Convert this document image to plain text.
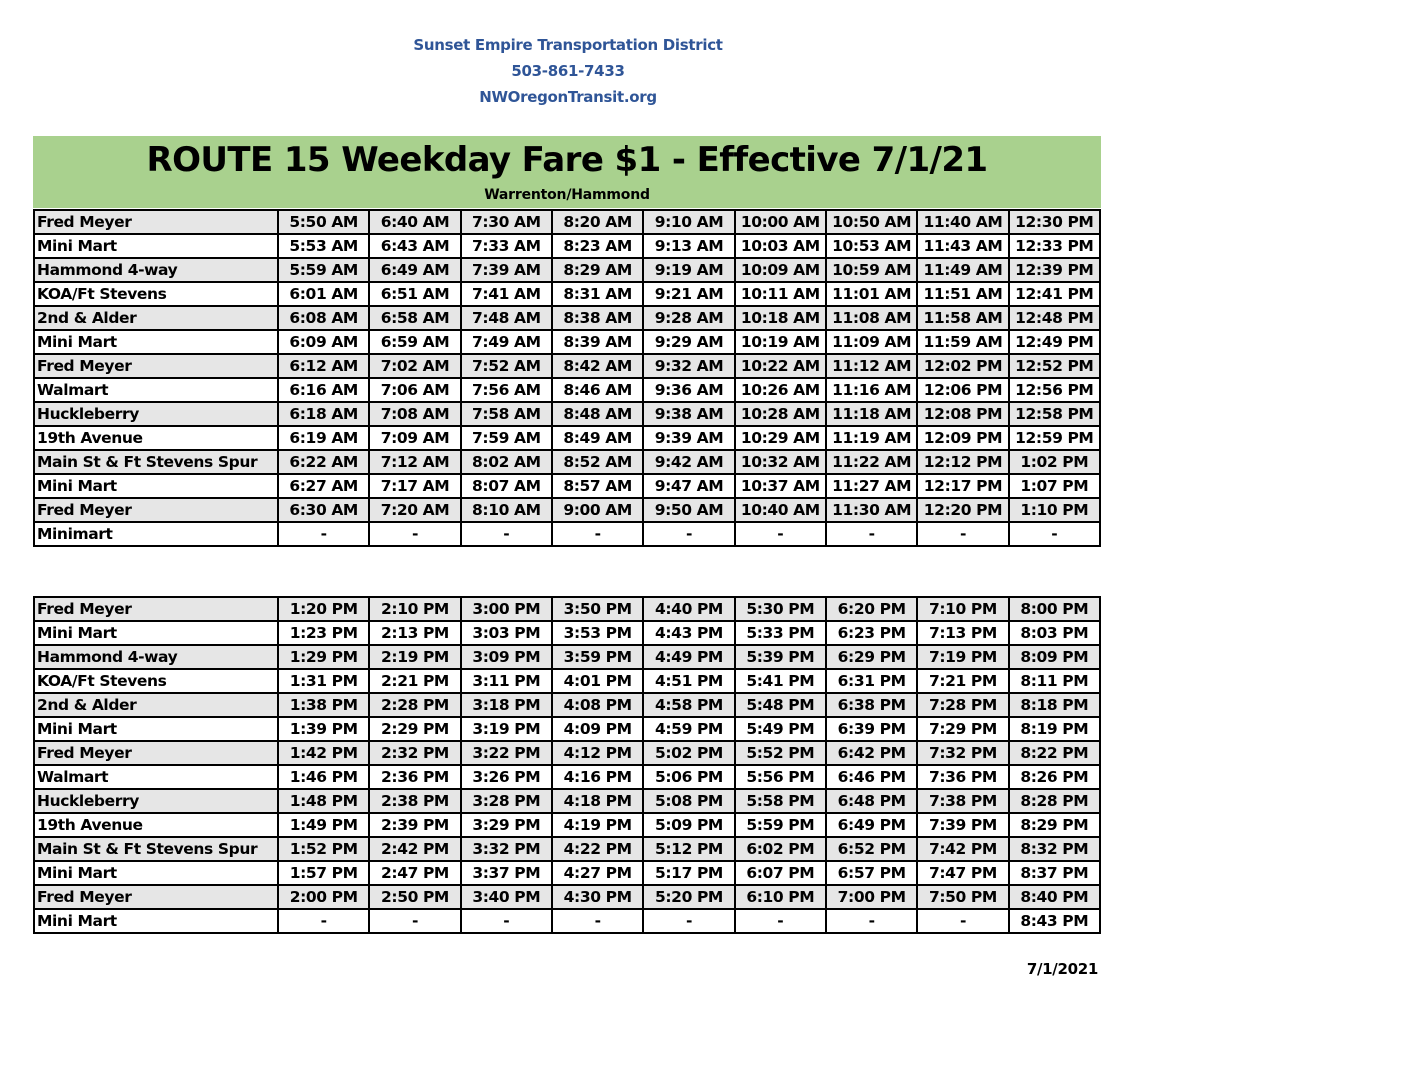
Sunset Empire Transportation District
503-861-7433
NWOregonTransit.org
ROUTE 15 Weekday Fare $1 - Effective 7/1/21
Warrenton/Hammond
Fred Meyer	5:50 AM	6:40 AM	7:30 AM	8:20 AM	9:10 AM	10:00 AM	10:50 AM	11:40 AM	12:30 PM
Mini Mart	5:53 AM	6:43 AM	7:33 AM	8:23 AM	9:13 AM	10:03 AM	10:53 AM	11:43 AM	12:33 PM
Hammond 4-way	5:59 AM	6:49 AM	7:39 AM	8:29 AM	9:19 AM	10:09 AM	10:59 AM	11:49 AM	12:39 PM
KOA/Ft Stevens	6:01 AM	6:51 AM	7:41 AM	8:31 AM	9:21 AM	10:11 AM	11:01 AM	11:51 AM	12:41 PM
2nd & Alder	6:08 AM	6:58 AM	7:48 AM	8:38 AM	9:28 AM	10:18 AM	11:08 AM	11:58 AM	12:48 PM
Mini Mart	6:09 AM	6:59 AM	7:49 AM	8:39 AM	9:29 AM	10:19 AM	11:09 AM	11:59 AM	12:49 PM
Fred Meyer	6:12 AM	7:02 AM	7:52 AM	8:42 AM	9:32 AM	10:22 AM	11:12 AM	12:02 PM	12:52 PM
Walmart	6:16 AM	7:06 AM	7:56 AM	8:46 AM	9:36 AM	10:26 AM	11:16 AM	12:06 PM	12:56 PM
Huckleberry	6:18 AM	7:08 AM	7:58 AM	8:48 AM	9:38 AM	10:28 AM	11:18 AM	12:08 PM	12:58 PM
19th Avenue	6:19 AM	7:09 AM	7:59 AM	8:49 AM	9:39 AM	10:29 AM	11:19 AM	12:09 PM	12:59 PM
Main St & Ft Stevens Spur	6:22 AM	7:12 AM	8:02 AM	8:52 AM	9:42 AM	10:32 AM	11:22 AM	12:12 PM	1:02 PM
Mini Mart	6:27 AM	7:17 AM	8:07 AM	8:57 AM	9:47 AM	10:37 AM	11:27 AM	12:17 PM	1:07 PM
Fred Meyer	6:30 AM	7:20 AM	8:10 AM	9:00 AM	9:50 AM	10:40 AM	11:30 AM	12:20 PM	1:10 PM
Minimart	-	-	-	-	-	-	-	-	-
Fred Meyer	1:20 PM	2:10 PM	3:00 PM	3:50 PM	4:40 PM	5:30 PM	6:20 PM	7:10 PM	8:00 PM
Mini Mart	1:23 PM	2:13 PM	3:03 PM	3:53 PM	4:43 PM	5:33 PM	6:23 PM	7:13 PM	8:03 PM
Hammond 4-way	1:29 PM	2:19 PM	3:09 PM	3:59 PM	4:49 PM	5:39 PM	6:29 PM	7:19 PM	8:09 PM
KOA/Ft Stevens	1:31 PM	2:21 PM	3:11 PM	4:01 PM	4:51 PM	5:41 PM	6:31 PM	7:21 PM	8:11 PM
2nd & Alder	1:38 PM	2:28 PM	3:18 PM	4:08 PM	4:58 PM	5:48 PM	6:38 PM	7:28 PM	8:18 PM
Mini Mart	1:39 PM	2:29 PM	3:19 PM	4:09 PM	4:59 PM	5:49 PM	6:39 PM	7:29 PM	8:19 PM
Fred Meyer	1:42 PM	2:32 PM	3:22 PM	4:12 PM	5:02 PM	5:52 PM	6:42 PM	7:32 PM	8:22 PM
Walmart	1:46 PM	2:36 PM	3:26 PM	4:16 PM	5:06 PM	5:56 PM	6:46 PM	7:36 PM	8:26 PM
Huckleberry	1:48 PM	2:38 PM	3:28 PM	4:18 PM	5:08 PM	5:58 PM	6:48 PM	7:38 PM	8:28 PM
19th Avenue	1:49 PM	2:39 PM	3:29 PM	4:19 PM	5:09 PM	5:59 PM	6:49 PM	7:39 PM	8:29 PM
Main St & Ft Stevens Spur	1:52 PM	2:42 PM	3:32 PM	4:22 PM	5:12 PM	6:02 PM	6:52 PM	7:42 PM	8:32 PM
Mini Mart	1:57 PM	2:47 PM	3:37 PM	4:27 PM	5:17 PM	6:07 PM	6:57 PM	7:47 PM	8:37 PM
Fred Meyer	2:00 PM	2:50 PM	3:40 PM	4:30 PM	5:20 PM	6:10 PM	7:00 PM	7:50 PM	8:40 PM
Mini Mart	-	-	-	-	-	-	-	-	8:43 PM
7/1/2021
